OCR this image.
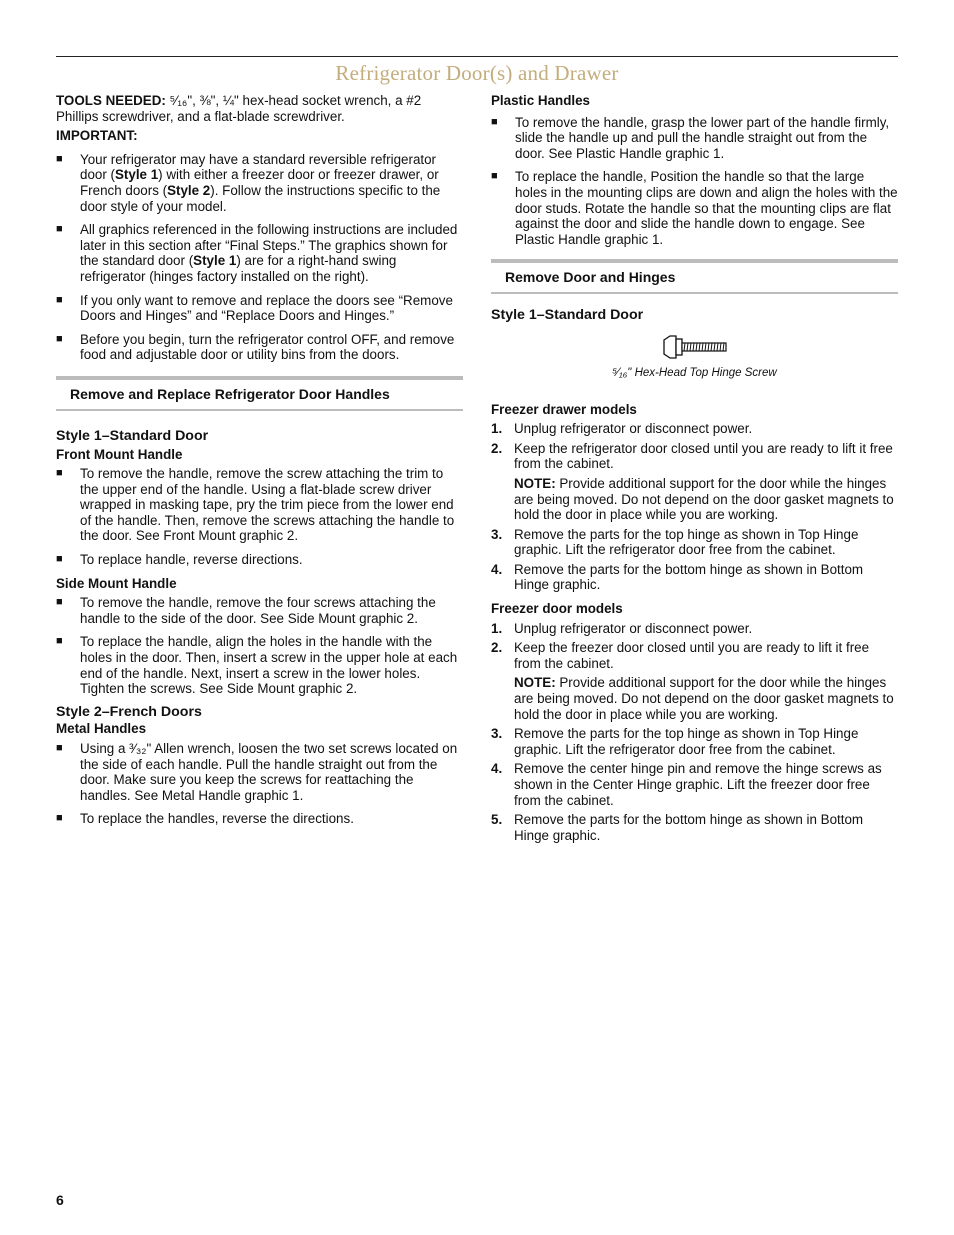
Refrigerator Door(s) and Drawer

TOOLS NEEDED: ⁵⁄₁₆", ⅜", ¼" hex-head socket wrench, a #2 Phillips screwdriver, and a flat-blade screwdriver.

IMPORTANT:

■	Your refrigerator may have a standard reversible refrigerator door (Style 1) with either a freezer door or freezer drawer, or French doors (Style 2). Follow the instructions specific to the door style of your model.
■	All graphics referenced in the following instructions are included later in this section after “Final Steps.” The graphics shown for the standard door (Style 1) are for a right-hand swing refrigerator (hinges factory installed on the right).
■	If you only want to remove and replace the doors see “Remove Doors and Hinges” and “Replace Doors and Hinges.”
■	Before you begin, turn the refrigerator control OFF, and remove food and adjustable door or utility bins from the doors.
Remove and Replace Refrigerator Door Handles

Style 1–Standard Door

Front Mount Handle

■	To remove the handle, remove the screw attaching the trim to the upper end of the handle. Using a flat-blade screw driver wrapped in masking tape, pry the trim piece from the lower end of the handle. Then, remove the screws attaching the handle to the door. See Front Mount graphic 2.
■	To replace handle, reverse directions.

Side Mount Handle

■	To remove the handle, remove the four screws attaching the handle to the side of the door. See Side Mount graphic 2.
■	To replace the handle, align the holes in the handle with the holes in the door. Then, insert a screw in the upper hole at each end of the handle. Next, insert a screw in the lower holes. Tighten the screws. See Side Mount graphic 2.

Style 2–French Doors

Metal Handles

■	Using a ³⁄₃₂" Allen wrench, loosen the two set screws located on the side of each handle. Pull the handle straight out from the door. Make sure you keep the screws for reattaching the handles. See Metal Handle graphic 1.
■	To replace the handles, reverse the directions.

Plastic Handles

■	To remove the handle, grasp the lower part of the handle firmly, slide the handle up and pull the handle straight out from the door. See Plastic Handle graphic 1.
■	To replace the handle, Position the handle so that the large holes in the mounting clips are down and align the holes with the door studs. Rotate the handle so that the mounting clips are flat against the door and slide the handle down to engage. See Plastic Handle graphic 1.
Remove Door and Hinges

Style 1–Standard Door

⁵⁄₁₆" Hex-Head Top Hinge Screw

Freezer drawer models

1. Unplug refrigerator or disconnect power.
2. Keep the refrigerator door closed until you are ready to lift it free from the cabinet.

NOTE: Provide additional support for the door while the hinges are being moved. Do not depend on the door gasket magnets to hold the door in place while you are working.

3. Remove the parts for the top hinge as shown in Top Hinge graphic. Lift the refrigerator door free from the cabinet.
4. Remove the parts for the bottom hinge as shown in Bottom Hinge graphic.

Freezer door models

1. Unplug refrigerator or disconnect power.
2. Keep the freezer door closed until you are ready to lift it free from the cabinet.

NOTE: Provide additional support for the door while the hinges are being moved. Do not depend on the door gasket magnets to hold the door in place while you are working.

3. Remove the parts for the top hinge as shown in Top Hinge graphic. Lift the refrigerator door free from the cabinet.
4. Remove the center hinge pin and remove the hinge screws as shown in the Center Hinge graphic. Lift the freezer door free from the cabinet.
5. Remove the parts for the bottom hinge as shown in Bottom Hinge graphic.
6
